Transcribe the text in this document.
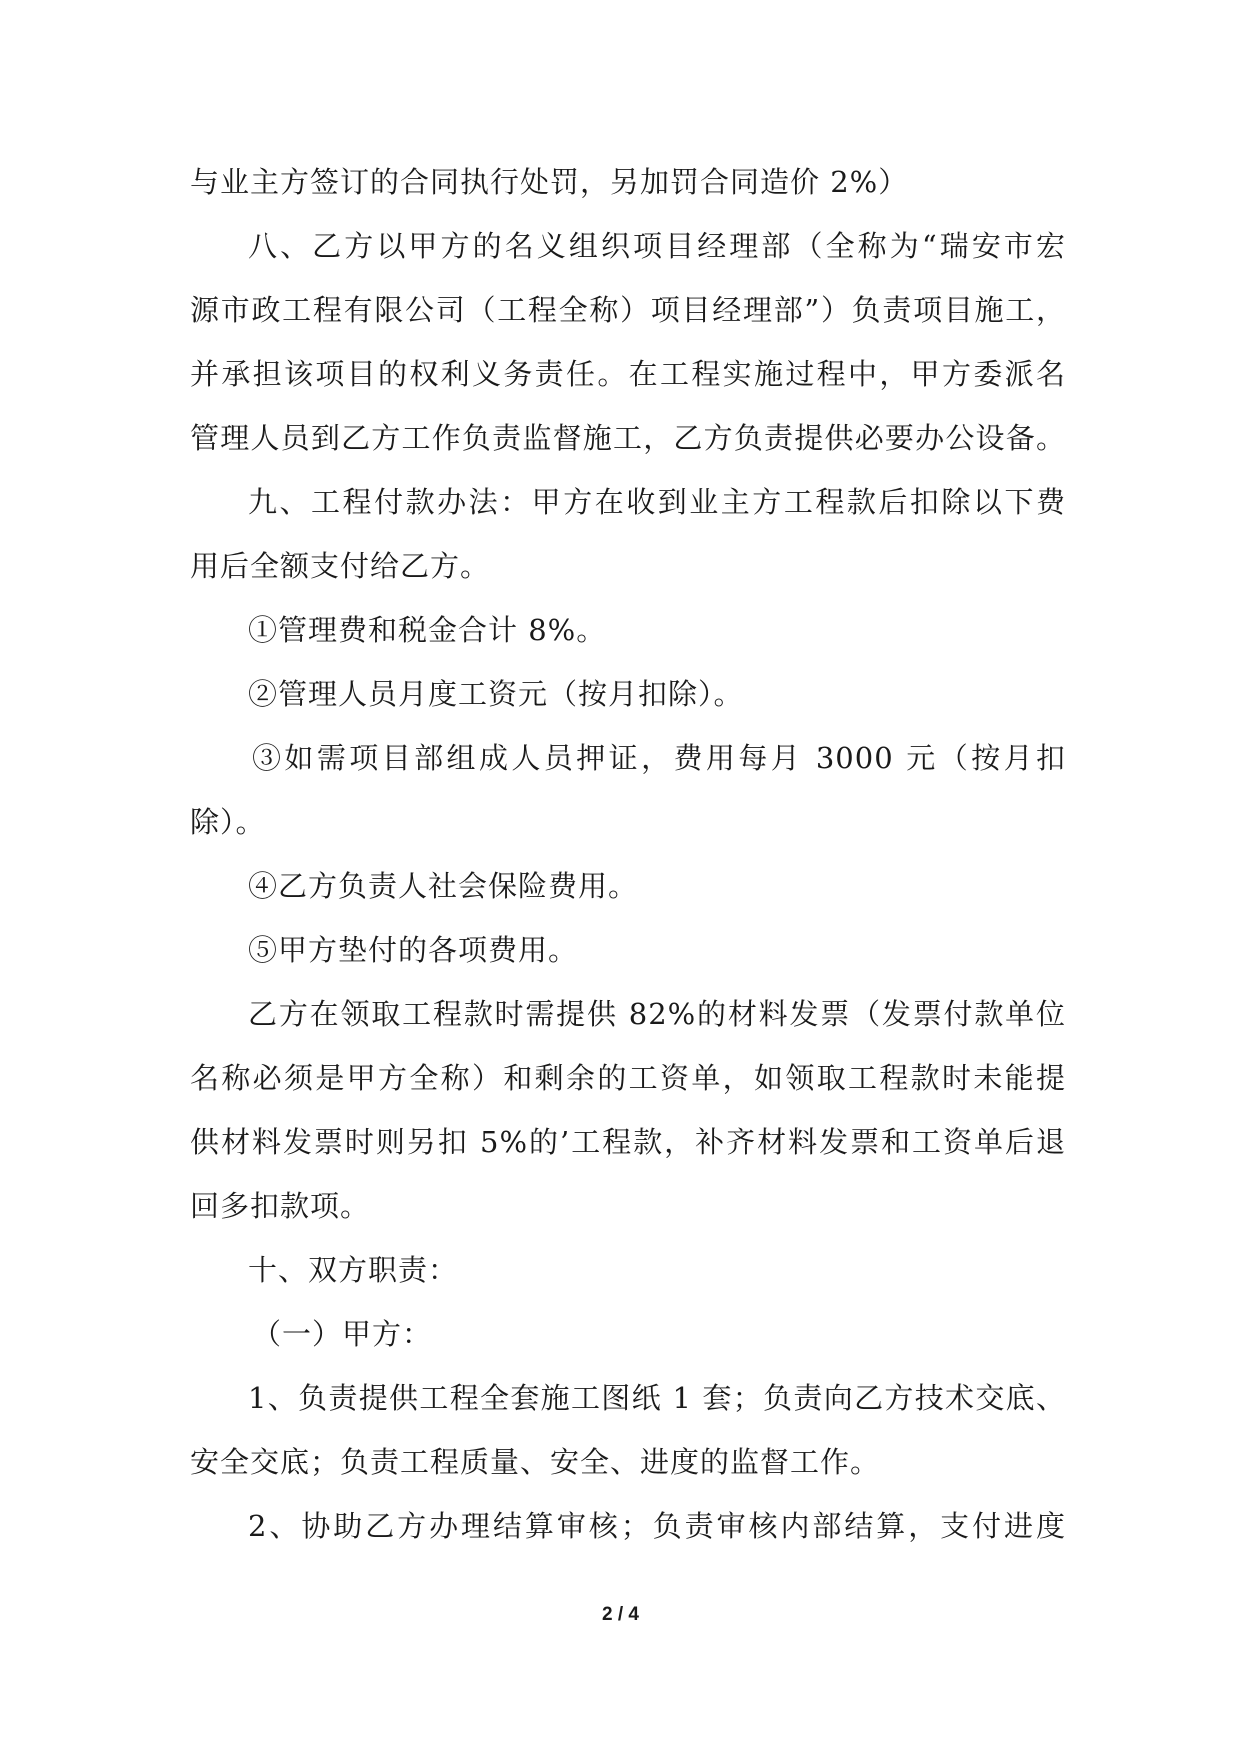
与业主方签订的合同执行处罚，另加罚合同造价 2%）
八、乙方以甲方的名义组织项目经理部（全称为“瑞安市宏
源市政工程有限公司（工程全称）项目经理部”）负责项目施工，
并承担该项目的权利义务责任。在工程实施过程中，甲方委派名
管理人员到乙方工作负责监督施工，乙方负责提供必要办公设备。
九、工程付款办法：甲方在收到业主方工程款后扣除以下费
用后全额支付给乙方。
①管理费和税金合计 8%。
②管理人员月度工资元（按月扣除）。
③如需项目部组成人员押证，费用每月 3000 元（按月扣
除）。
④乙方负责人社会保险费用。
⑤甲方垫付的各项费用。
乙方在领取工程款时需提供 82%的材料发票（发票付款单位
名称必须是甲方全称）和剩余的工资单，如领取工程款时未能提
供材料发票时则另扣 5%的’工程款，补齐材料发票和工资单后退
回多扣款项。
十、双方职责：
（一）甲方：
1、负责提供工程全套施工图纸 1 套；负责向乙方技术交底、
安全交底；负责工程质量、安全、进度的监督工作。
2、协助乙方办理结算审核；负责审核内部结算，支付进度
2 / 4
